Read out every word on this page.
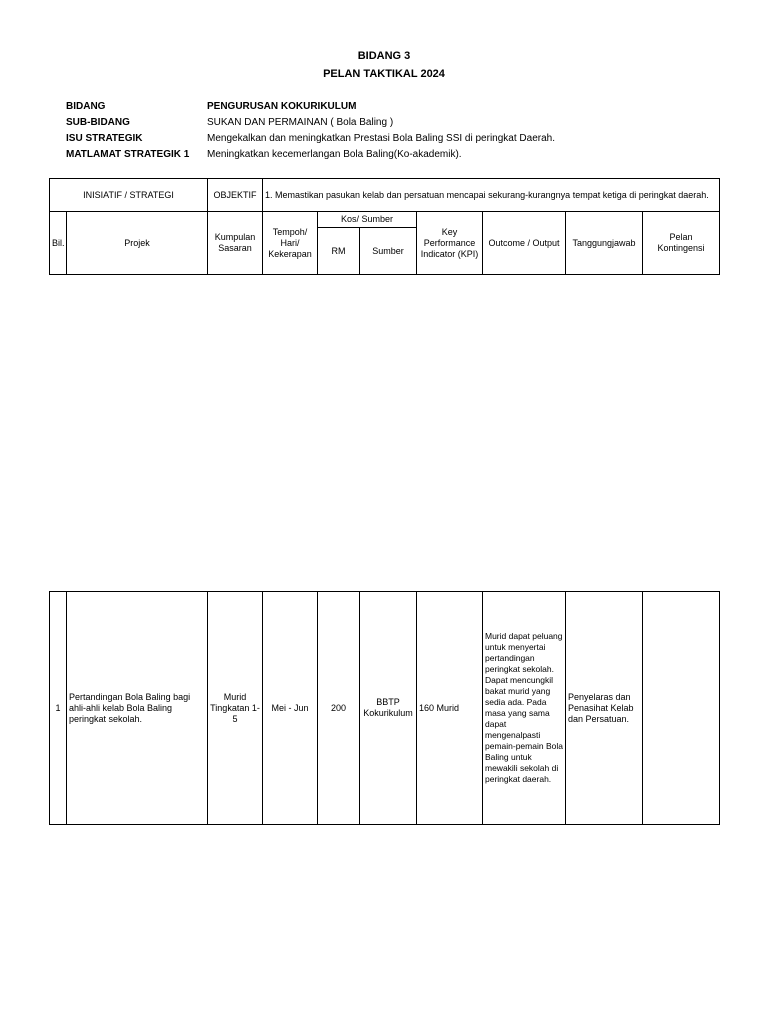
BIDANG 3
PELAN TAKTIKAL 2024
BIDANG	PENGURUSAN KOKURIKULUM
SUB-BIDANG	SUKAN DAN PERMAINAN ( Bola Baling )
ISU STRATEGIK	Mengekalkan dan meningkatkan Prestasi Bola Baling SSI di peringkat Daerah.
MATLAMAT STRATEGIK 1	Meningkatkan kecemerlangan Bola Baling(Ko-akademik).
INISIATIF / STRATEGI		OBJEKTIF	1. Memastikan pasukan kelab dan persatuan mencapai sekurang-kurangnya tempat ketiga di peringkat daerah.						
Bil.	Projek	Kumpulan Sasaran	Tempoh/ Hari/ Kekerapan	Kos/ Sumber		Key Performance Indicator (KPI)	Outcome / Output	Tanggungjawab	Pelan Kontingensi
				RM	Sumber				
1	Pertandingan Bola Baling bagi ahli-ahli kelab Bola Baling peringkat sekolah.	Murid Tingkatan 1-5	Mei - Jun	200	BBTP Kokurikulum	160 Murid	Murid dapat peluang untuk menyertai pertandingan peringkat sekolah. Dapat mencungkil bakat murid yang sedia ada. Pada masa yang sama dapat mengenalpasti pemain-pemain Bola Baling untuk mewakili sekolah di peringkat daerah.	Penyelaras dan Penasihat Kelab dan Persatuan.	
